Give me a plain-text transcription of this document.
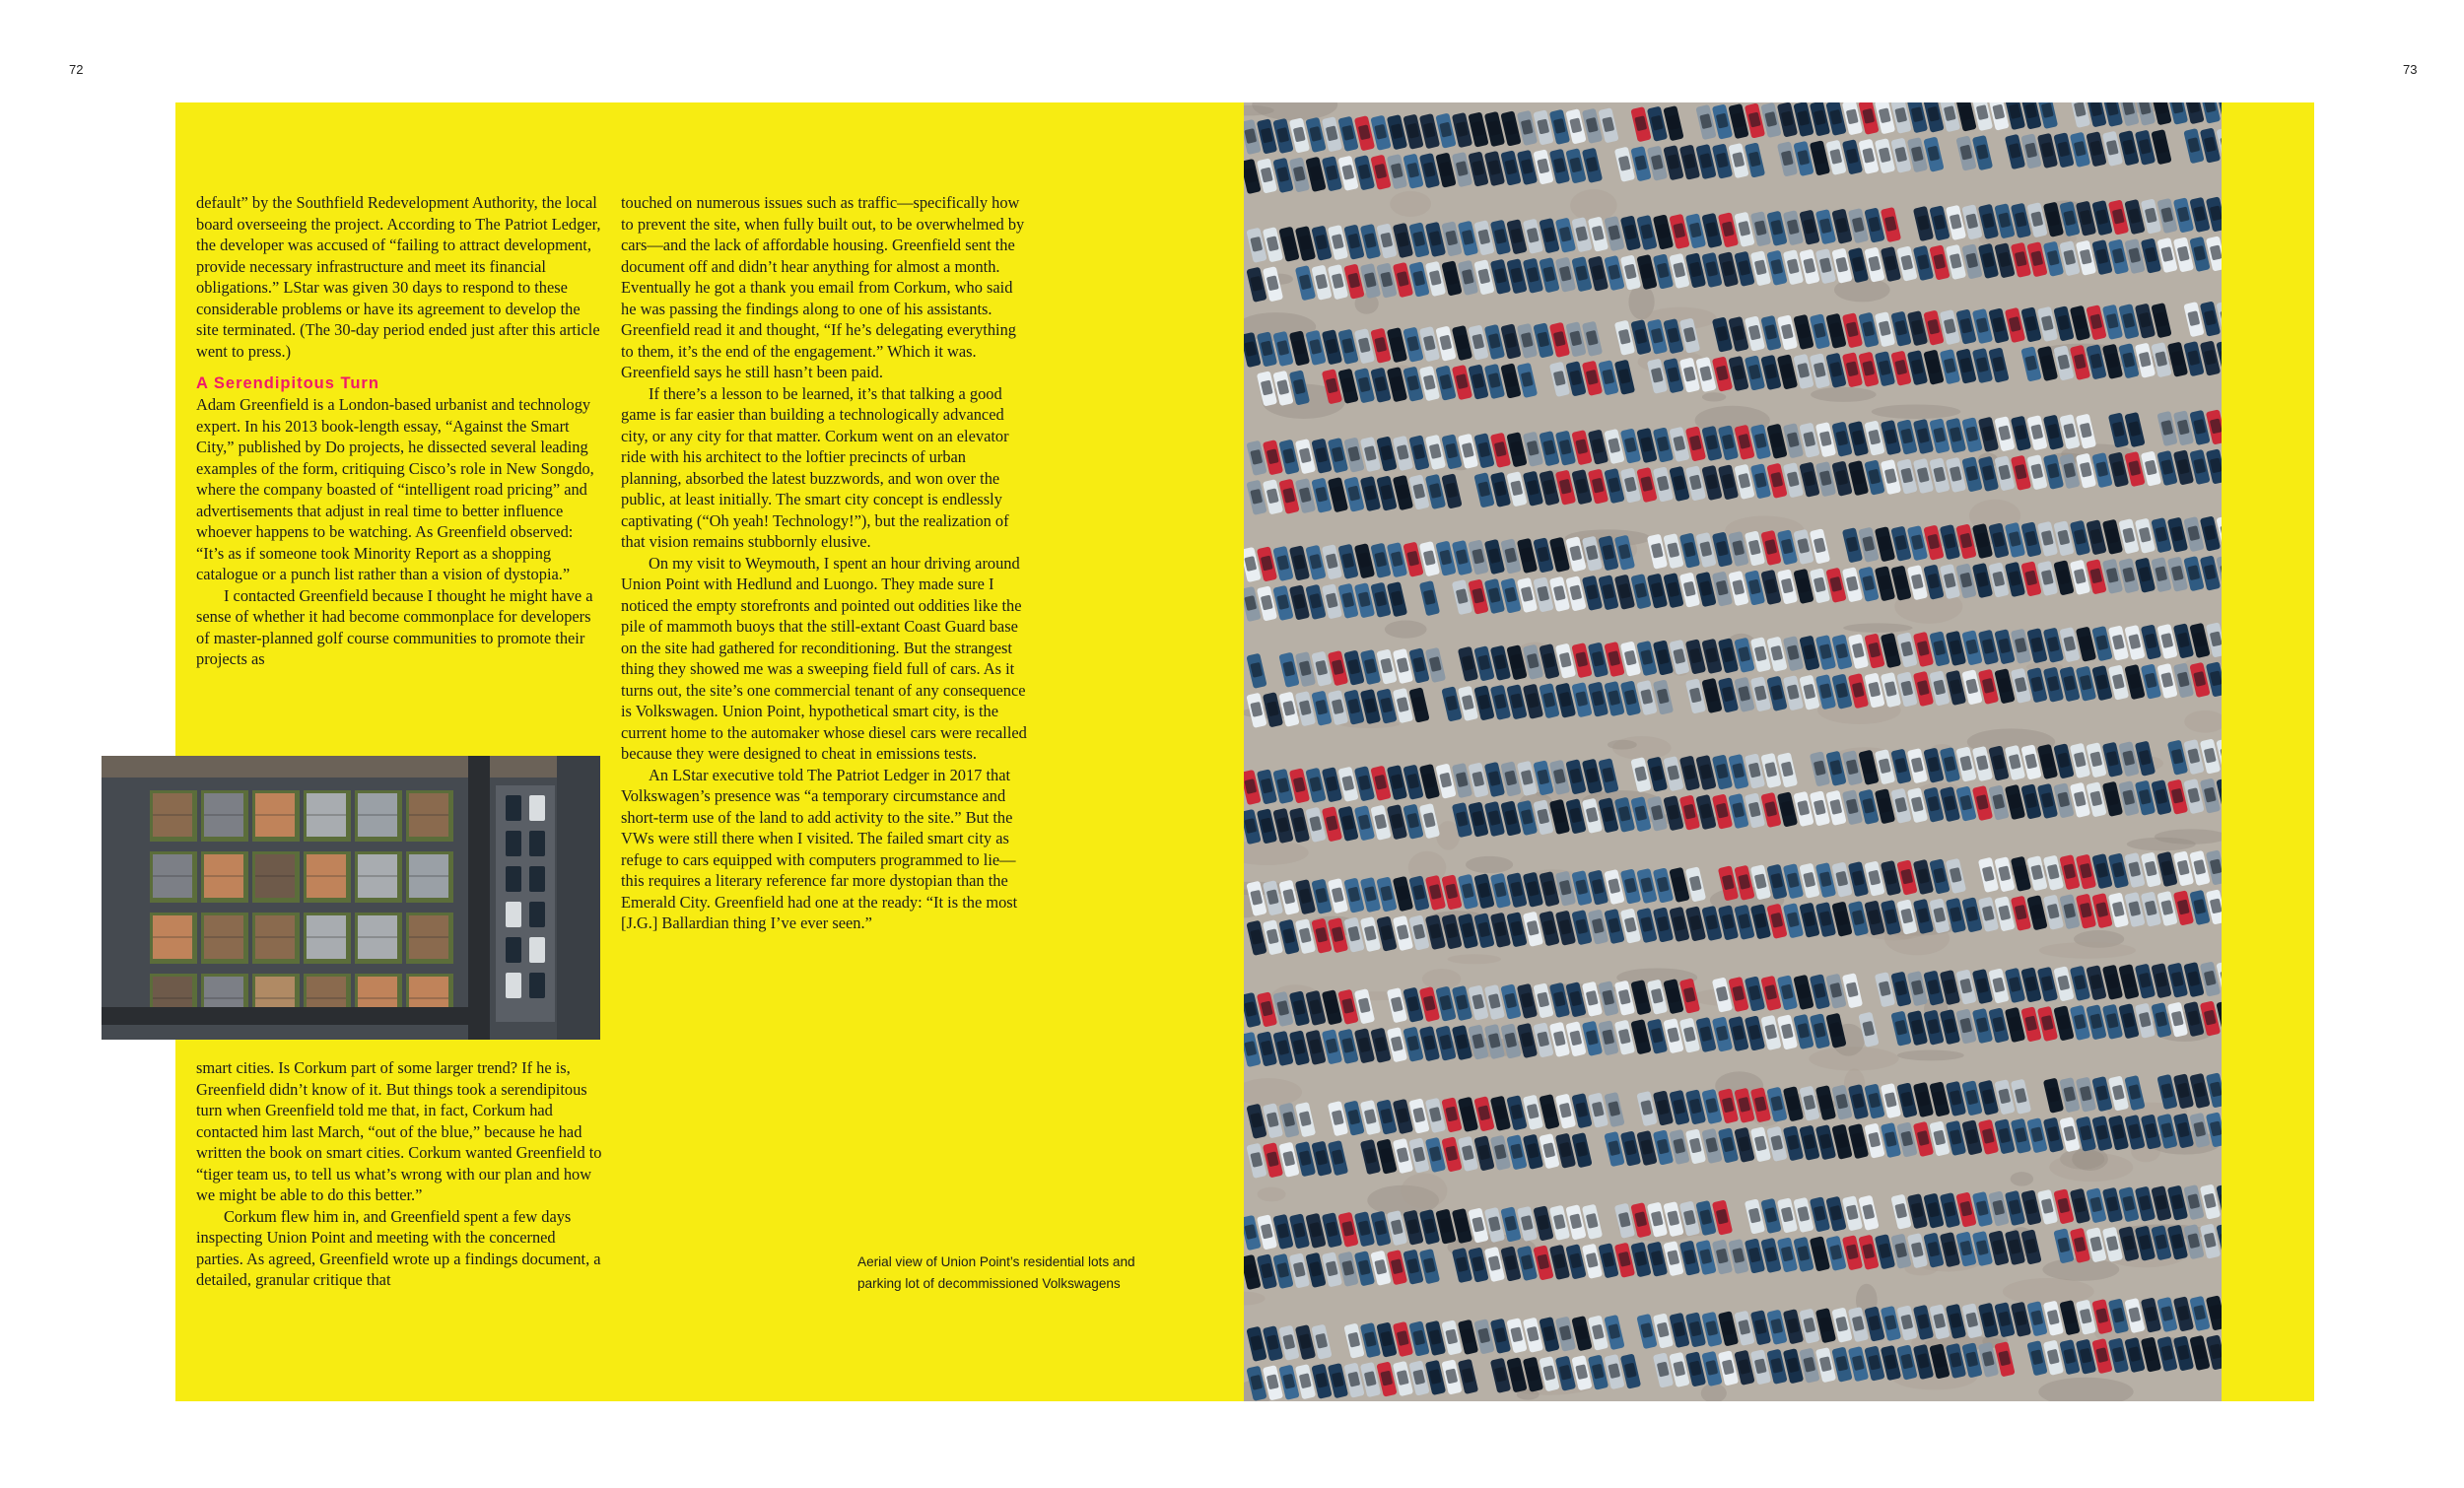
72	73

default” by the Southfield Redevelopment Authority, the local board overseeing the project. According to The Patriot Ledger, the developer was accused of “failing to attract development, provide necessary infrastructure and meet its financial obligations.” LStar was given 30 days to respond to these considerable problems or have its agreement to develop the site terminated. (The 30-day period ended just after this article went to press.)

A Serendipitous Turn

Adam Greenfield is a London-based urbanist and technology expert. In his 2013 book-length essay, “Against the Smart City,” published by Do projects, he dissected several leading examples of the form, critiquing Cisco’s role in New Songdo, where the company boasted of “intelligent road pricing” and advertisements that adjust in real time to better influence whoever happens to be watching. As Greenfield observed: “It’s as if someone took Minority Report as a shopping catalogue or a punch list rather than a vision of dystopia.”

I contacted Greenfield because I thought he might have a sense of whether it had become commonplace for developers of master-planned golf course communities to promote their projects as

smart cities. Is Corkum part of some larger trend? If he is, Greenfield didn’t know of it. But things took a serendipitous turn when Greenfield told me that, in fact, Corkum had contacted him last March, “out of the blue,” because he had written the book on smart cities. Corkum wanted Greenfield to “tiger team us, to tell us what’s wrong with our plan and how we might be able to do this better.”

Corkum flew him in, and Greenfield spent a few days inspecting Union Point and meeting with the concerned parties. As agreed, Greenfield wrote up a findings document, a detailed, granular critique that

touched on numerous issues such as traffic—specifically how to prevent the site, when fully built out, to be overwhelmed by cars—and the lack of affordable housing. Greenfield sent the document off and didn’t hear anything for almost a month. Eventually he got a thank you email from Corkum, who said he was passing the findings along to one of his assistants. Greenfield read it and thought, “If he’s delegating everything to them, it’s the end of the engagement.” Which it was. Greenfield says he still hasn’t been paid.

If there’s a lesson to be learned, it’s that talking a good game is far easier than building a technologically advanced city, or any city for that matter. Corkum went on an elevator ride with his architect to the loftier precincts of urban planning, absorbed the latest buzzwords, and won over the public, at least initially. The smart city concept is endlessly captivating (“Oh yeah! Technology!”), but the realization of that vision remains stubbornly elusive.

On my visit to Weymouth, I spent an hour driving around Union Point with Hedlund and Luongo. They made sure I noticed the empty storefronts and pointed out oddities like the pile of mammoth buoys that the still-extant Coast Guard base on the site had gathered for reconditioning. But the strangest thing they showed me was a sweeping field full of cars. As it turns out, the site’s one commercial tenant of any consequence is Volkswagen. Union Point, hypothetical smart city, is the current home to the automaker whose diesel cars were recalled because they were designed to cheat in emissions tests.

An LStar executive told The Patriot Ledger in 2017 that Volkswagen’s presence was “a temporary circumstance and short-term use of the land to add activity to the site.” But the VWs were still there when I visited. The failed smart city as refuge to cars equipped with computers programmed to lie—this requires a literary reference far more dystopian than the Emerald City. Greenfield had one at the ready: “It is the most [J.G.] Ballardian thing I’ve ever seen.”

Aerial view of Union Point’s residential lots and parking lot of decommissioned Volkswagens
